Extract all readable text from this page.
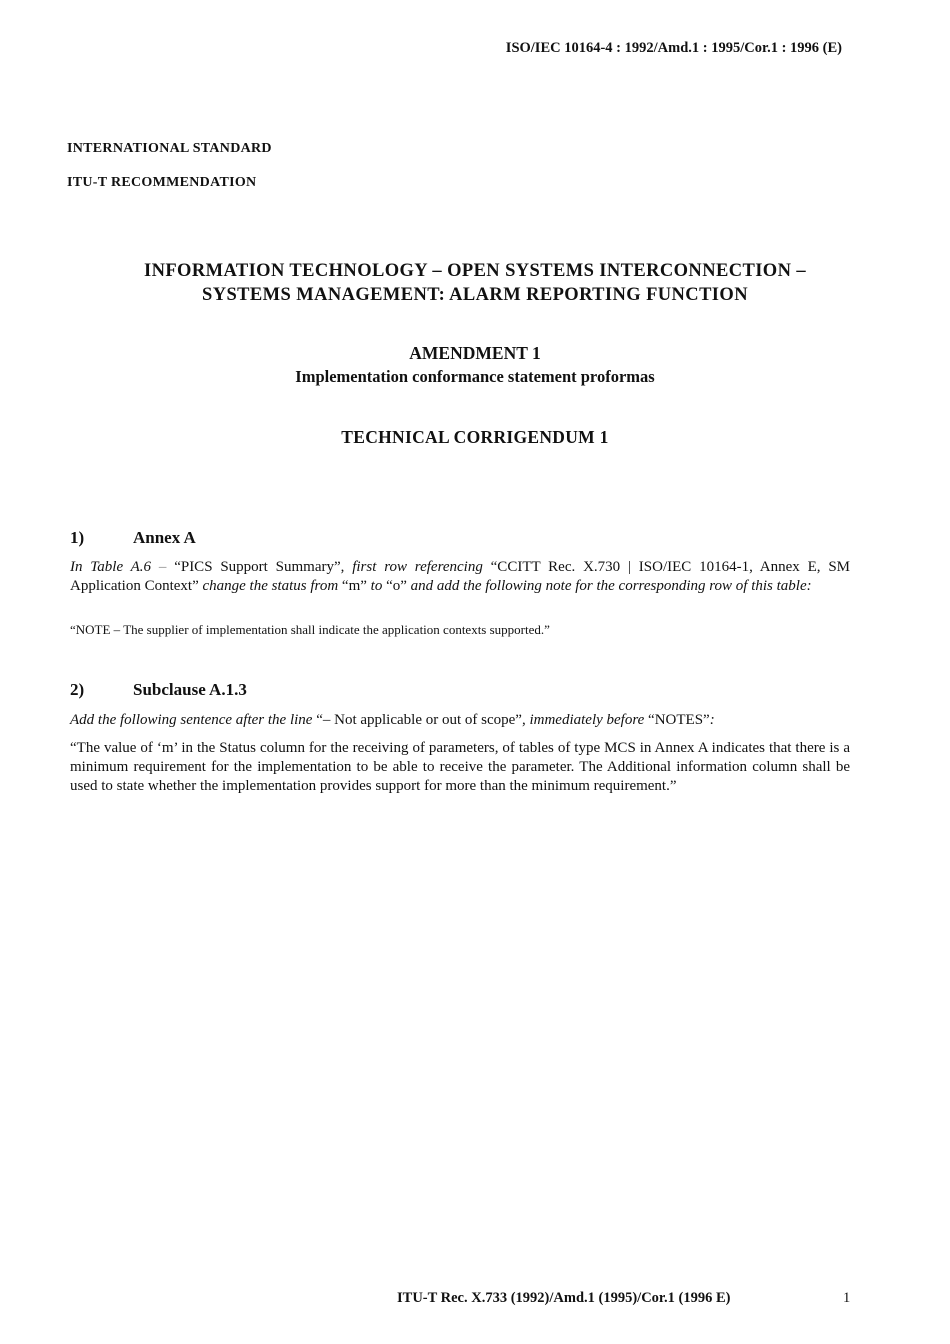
ISO/IEC 10164-4 : 1992/Amd.1 : 1995/Cor.1 : 1996 (E)
INTERNATIONAL STANDARD
ITU-T RECOMMENDATION
INFORMATION TECHNOLOGY – OPEN SYSTEMS INTERCONNECTION –
SYSTEMS MANAGEMENT: ALARM REPORTING FUNCTION
AMENDMENT 1
Implementation conformance statement proformas
TECHNICAL CORRIGENDUM 1
1)	Annex A
In Table A.6 – “PICS Support Summary”, first row referencing “CCITT Rec. X.730 | ISO/IEC 10164-1, Annex E, SM Application Context” change the status from “m” to “o” and add the following note for the corresponding row of this table:
“NOTE – The supplier of implementation shall indicate the application contexts supported.”
2)	Subclause A.1.3
Add the following sentence after the line “– Not applicable or out of scope”, immediately before “NOTES”:
“The value of ‘m’ in the Status column for the receiving of parameters, of tables of type MCS in Annex A indicates that there is a minimum requirement for the implementation to be able to receive the parameter. The Additional information column shall be used to state whether the implementation provides support for more than the minimum requirement.”
ITU-T Rec. X.733 (1992)/Amd.1 (1995)/Cor.1 (1996 E)	1
